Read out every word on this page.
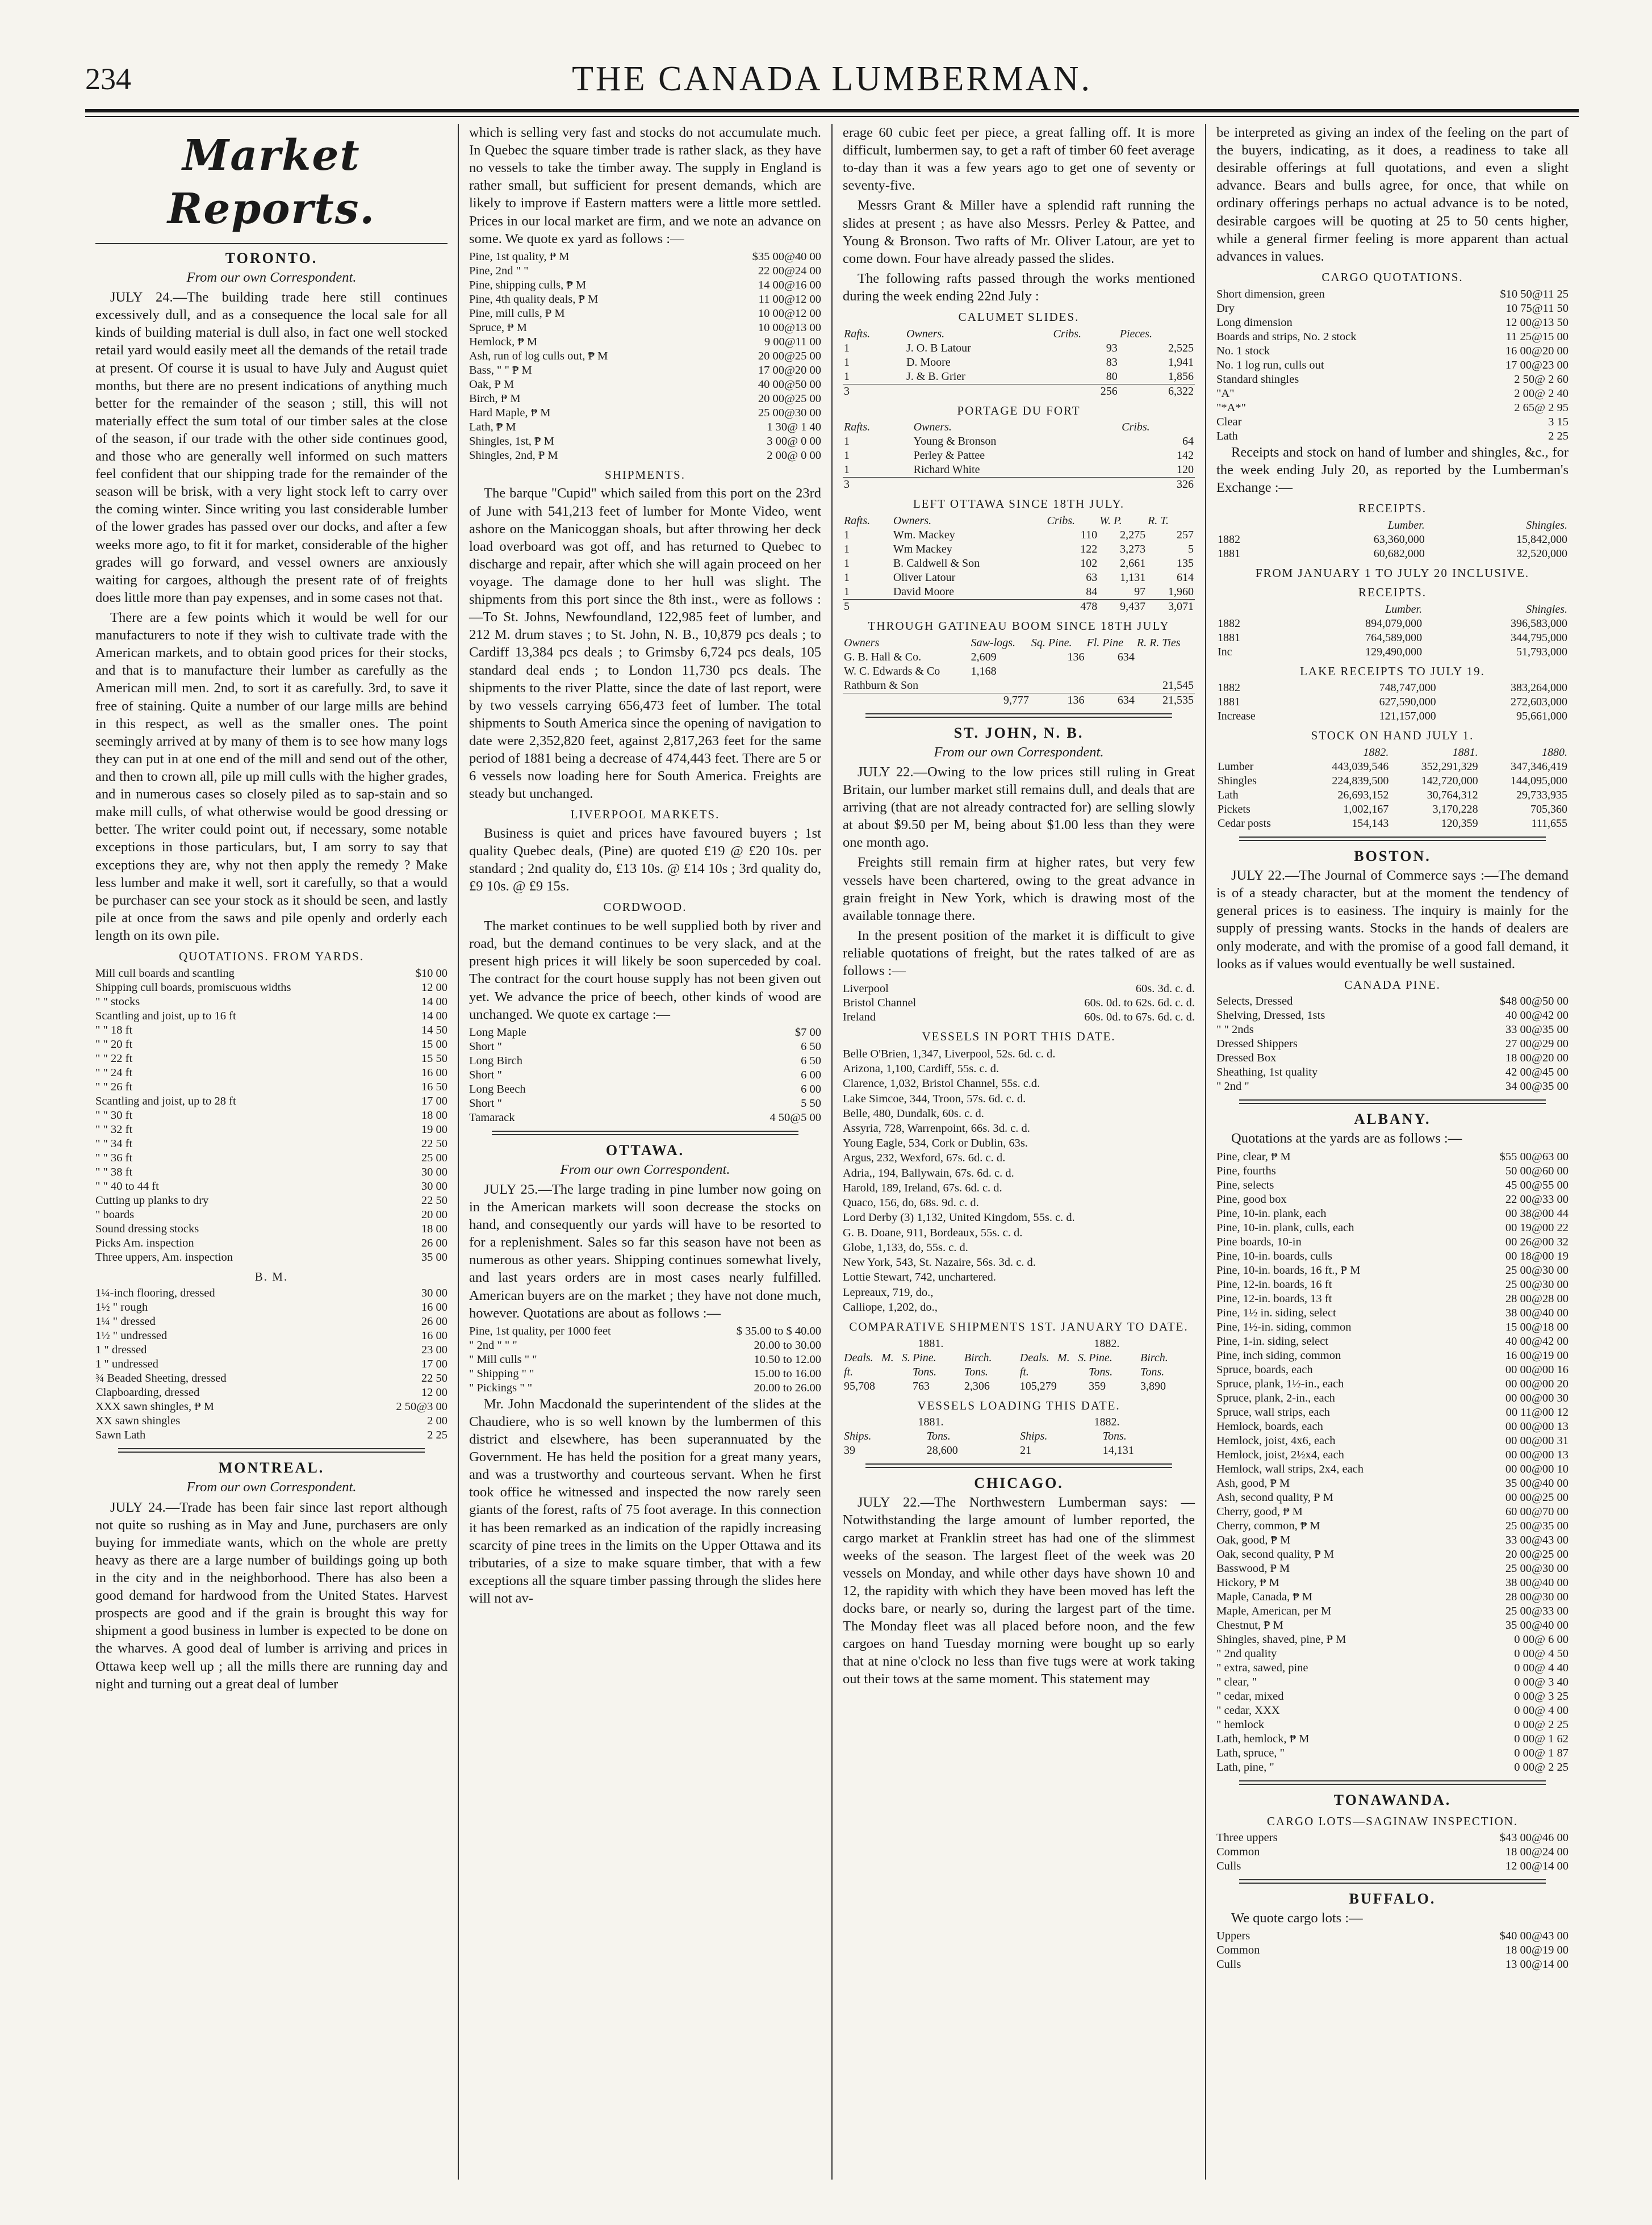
234	THE CANADA LUMBERMAN.
Market Reports.
TORONTO.
From our own Correspondent.

JULY 24.—The building trade here still continues excessively dull, and as a consequence the local sale for all kinds of building material is dull also, in fact one well stocked retail yard would easily meet all the demands of the retail trade at present. Of course it is usual to have July and August quiet months, but there are no present indications of anything much better for the remainder of the season ; still, this will not materially effect the sum total of our timber sales at the close of the season, if our trade with the other side continues good, and those who are generally well informed on such matters feel confident that our shipping trade for the remainder of the season will be brisk, with a very light stock left to carry over the coming winter. Since writing you last considerable lumber of the lower grades has passed over our docks, and after a few weeks more ago, to fit it for market, considerable of the higher grades will go forward, and vessel owners are anxiously waiting for cargoes, although the present rate of of freights does little more than pay expenses, and in some cases not that.

There are a few points which it would be well for our manufacturers to note if they wish to cultivate trade with the American markets, and to obtain good prices for their stocks, and that is to manufacture their lumber as carefully as the American mill men. 2nd, to sort it as carefully. 3rd, to save it free of staining. Quite a number of our large mills are behind in this respect, as well as the smaller ones. The point seemingly arrived at by many of them is to see how many logs they can put in at one end of the mill and send out of the other, and then to crown all, pile up mill culls with the higher grades, and in numerous cases so closely piled as to sap-stain and so make mill culls, of what otherwise would be good dressing or better. The writer could point out, if necessary, some notable exceptions in those particulars, but, I am sorry to say that exceptions they are, why not then apply the remedy ? Make less lumber and make it well, sort it carefully, so that a would be purchaser can see your stock as it should be seen, and lastly pile at once from the saws and pile openly and orderly each length on its own pile.

QUOTATIONS. FROM YARDS.
Mill cull boards and scantling	$10 00
Shipping cull boards, promiscuous widths	12 00
" " stocks	14 00
Scantling and joist, up to 16 ft	14 00
" " 18 ft	14 50
" " 20 ft	15 00
" " 22 ft	15 50
" " 24 ft	16 00
" " 26 ft	16 50
Scantling and joist, up to 28 ft	17 00
" " 30 ft	18 00
" " 32 ft	19 00
" " 34 ft	22 50
" " 36 ft	25 00
" " 38 ft	30 00
" " 40 to 44 ft	30 00
Cutting up planks to dry	22 50
" boards	20 00
Sound dressing stocks	18 00
Picks Am. inspection	26 00
Three uppers, Am. inspection	35 00
B. M.
1¼-inch flooring, dressed	30 00
1½ " rough	16 00
1¼ " dressed	26 00
1½ " undressed	16 00
1 " dressed	23 00
1 " undressed	17 00
¾ Beaded Sheeting, dressed	22 50
Clapboarding, dressed	12 00
XXX sawn shingles, ₱ M	2 50@3 00
XX sawn shingles	2 00
Sawn Lath	2 25
MONTREAL.
From our own Correspondent.

JULY 24.—Trade has been fair since last report although not quite so rushing as in May and June, purchasers are only buying for immediate wants, which on the whole are pretty heavy as there are a large number of buildings going up both in the city and in the neighborhood. There has also been a good demand for hardwood from the United States. Harvest prospects are good and if the grain is brought this way for shipment a good business in lumber is expected to be done on the wharves. A good deal of lumber is arriving and prices in Ottawa keep well up ; all the mills there are running day and night and turning out a great deal of lumber

which is selling very fast and stocks do not accumulate much. In Quebec the square timber trade is rather slack, as they have no vessels to take the timber away. The supply in England is rather small, but sufficient for present demands, which are likely to improve if Eastern matters were a little more settled. Prices in our local market are firm, and we note an advance on some. We quote ex yard as follows :—

Pine, 1st quality, ₱ M	$35 00@40 00
Pine, 2nd " "	22 00@24 00
Pine, shipping culls, ₱ M	14 00@16 00
Pine, 4th quality deals, ₱ M	11 00@12 00
Pine, mill culls, ₱ M	10 00@12 00
Spruce, ₱ M	10 00@13 00
Hemlock, ₱ M	9 00@11 00
Ash, run of log culls out, ₱ M	20 00@25 00
Bass, " " ₱ M	17 00@20 00
Oak, ₱ M	40 00@50 00
Birch, ₱ M	20 00@25 00
Hard Maple, ₱ M	25 00@30 00
Lath, ₱ M	1 30@ 1 40
Shingles, 1st, ₱ M	3 00@ 0 00
Shingles, 2nd, ₱ M	2 00@ 0 00
SHIPMENTS.

The barque "Cupid" which sailed from this port on the 23rd of June with 541,213 feet of lumber for Monte Video, went ashore on the Manicoggan shoals, but after throwing her deck load overboard was got off, and has returned to Quebec to discharge and repair, after which she will again proceed on her voyage. The damage done to her hull was slight. The shipments from this port since the 8th inst., were as follows :—To St. Johns, Newfoundland, 122,985 feet of lumber, and 212 M. drum staves ; to St. John, N. B., 10,879 pcs deals ; to Cardiff 13,384 pcs deals ; to Grimsby 6,724 pcs deals, 105 standard deal ends ; to London 11,730 pcs deals. The shipments to the river Platte, since the date of last report, were by two vessels carrying 656,473 feet of lumber. The total shipments to South America since the opening of navigation to date were 2,352,820 feet, against 2,817,263 feet for the same period of 1881 being a decrease of 474,443 feet. There are 5 or 6 vessels now loading here for South America. Freights are steady but unchanged.

LIVERPOOL MARKETS.

Business is quiet and prices have favoured buyers ; 1st quality Quebec deals, (Pine) are quoted £19 @ £20 10s. per standard ; 2nd quality do, £13 10s. @ £14 10s ; 3rd quality do, £9 10s. @ £9 15s.

CORDWOOD.

The market continues to be well supplied both by river and road, but the demand continues to be very slack, and at the present high prices it will likely be soon superceded by coal. The contract for the court house supply has not been given out yet. We advance the price of beech, other kinds of wood are unchanged. We quote ex cartage :—

Long Maple	$7 00
Short "	6 50
Long Birch	6 50
Short "	6 00
Long Beech	6 00
Short "	5 50
Tamarack	4 50@5 00
OTTAWA.
From our own Correspondent.

JULY 25.—The large trading in pine lumber now going on in the American markets will soon decrease the stocks on hand, and consequently our yards will have to be resorted to for a replenishment. Sales so far this season have not been as numerous as other years. Shipping continues somewhat lively, and last years orders are in most cases nearly fulfilled. American buyers are on the market ; they have not done much, however. Quotations are about as follows :—

Pine, 1st quality, per 1000 feet	$ 35.00 to $ 40.00
" 2nd " " "	20.00 to 30.00
" Mill culls " "	10.50 to 12.00
" Shipping " "	15.00 to 16.00
" Pickings " "	20.00 to 26.00

Mr. John Macdonald the superintendent of the slides at the Chaudiere, who is so well known by the lumbermen of this district and elsewhere, has been superannuated by the Government. He has held the position for a great many years, and was a trustworthy and courteous servant. When he first took office he witnessed and inspected the now rarely seen giants of the forest, rafts of 75 foot average. In this connection it has been remarked as an indication of the rapidly increasing scarcity of pine trees in the limits on the Upper Ottawa and its tributaries, of a size to make square timber, that with a few exceptions all the square timber passing through the slides here will not av-

erage 60 cubic feet per piece, a great falling off. It is more difficult, lumbermen say, to get a raft of timber 60 feet average to-day than it was a few years ago to get one of seventy or seventy-five.

Messrs Grant & Miller have a splendid raft running the slides at present ; as have also Messrs. Perley & Pattee, and Young & Bronson. Two rafts of Mr. Oliver Latour, are yet to come down. Four have already passed the slides.

The following rafts passed through the works mentioned during the week ending 22nd July :

CALUMET SLIDES.
Rafts.	Owners.	Cribs.	Pieces.
1	J. O. B Latour	93	2,525
1	D. Moore	83	1,941
1	J. & B. Grier	80	1,856
3		256	6,322
PORTAGE DU FORT
Rafts.	Owners.	Cribs.
1	Young & Bronson	64
1	Perley & Pattee	142
1	Richard White	120
3		326
LEFT OTTAWA SINCE 18TH JULY.
Rafts.	Owners.	Cribs.	W. P.	R. T.
1	Wm. Mackey	110	2,275	257
1	Wm Mackey	122	3,273	5
1	B. Caldwell & Son	102	2,661	135
1	Oliver Latour	63	1,131	614
1	David Moore	84	97	1,960
5		478	9,437	3,071
THROUGH GATINEAU BOOM SINCE 18TH JULY
Owners	Saw-logs.	Sq. Pine.	Fl. Pine	R. R. Ties
G. B. Hall & Co.	2,609	136	634	
W. C. Edwards & Co	1,168			
Rathburn & Son				21,545
	9,777	136	634	21,535
ST. JOHN, N. B.
From our own Correspondent.

JULY 22.—Owing to the low prices still ruling in Great Britain, our lumber market still remains dull, and deals that are arriving (that are not already contracted for) are selling slowly at about $9.50 per M, being about $1.00 less than they were one month ago.

Freights still remain firm at higher rates, but very few vessels have been chartered, owing to the great advance in grain freight in New York, which is drawing most of the available tonnage there.

In the present position of the market it is difficult to give reliable quotations of freight, but the rates talked of are as follows :—

Liverpool	60s. 3d. c. d.
Bristol Channel	60s. 0d. to 62s. 6d. c. d.
Ireland	60s. 0d. to 67s. 6d. c. d.
VESSELS IN PORT THIS DATE.

Belle O'Brien, 1,347, Liverpool, 52s. 6d. c. d.

Arizona, 1,100, Cardiff, 55s. c. d.

Clarence, 1,032, Bristol Channel, 55s. c.d.

Lake Simcoe, 344, Troon, 57s. 6d. c. d.

Belle, 480, Dundalk, 60s. c. d.

Assyria, 728, Warrenpoint, 66s. 3d. c. d.

Young Eagle, 534, Cork or Dublin, 63s.

Argus, 232, Wexford, 67s. 6d. c. d.

Adria,, 194, Ballywain, 67s. 6d. c. d.

Harold, 189, Ireland, 67s. 6d. c. d.

Quaco, 156, do, 68s. 9d. c. d.

Lord Derby (3) 1,132, United Kingdom, 55s. c. d.

G. B. Doane, 911, Bordeaux, 55s. c. d.

Globe, 1,133, do, 55s. c. d.

New York, 543, St. Nazaire, 56s. 3d. c. d.

Lottie Stewart, 742, unchartered.

Lepreaux, 719, do.,

Calliope, 1,202, do.,

COMPARATIVE SHIPMENTS 1ST. JANUARY TO DATE.
1881.			1882.		
Deals. M. S. ft.	Pine. Tons.	Birch. Tons.	Deals. M. S. ft.	Pine. Tons.	Birch. Tons.
95,708	763	2,306	105,279	359	3,890
VESSELS LOADING THIS DATE.
1881.		1882.	
Ships.	Tons.	Ships.	Tons.
39	28,600	21	14,131
CHICAGO.

JULY 22.—The Northwestern Lumberman says: —Notwithstanding the large amount of lumber reported, the cargo market at Franklin street has had one of the slimmest weeks of the season. The largest fleet of the week was 20 vessels on Monday, and while other days have shown 10 and 12, the rapidity with which they have been moved has left the docks bare, or nearly so, during the largest part of the time. The Monday fleet was all placed before noon, and the few cargoes on hand Tuesday morning were bought up so early that at nine o'clock no less than five tugs were at work taking out their tows at the same moment. This statement may

be interpreted as giving an index of the feeling on the part of the buyers, indicating, as it does, a readiness to take all desirable offerings at full quotations, and even a slight advance. Bears and bulls agree, for once, that while on ordinary offerings perhaps no actual advance is to be noted, desirable cargoes will be quoting at 25 to 50 cents higher, while a general firmer feeling is more apparent than actual advances in values.

CARGO QUOTATIONS.
Short dimension, green	$10 50@11 25
Dry	10 75@11 50
Long dimension	12 00@13 50
Boards and strips, No. 2 stock	11 25@15 00
No. 1 stock	16 00@20 00
No. 1 log run, culls out	17 00@23 00
Standard shingles	2 50@ 2 60
"A"	2 00@ 2 40
"*A*"	2 65@ 2 95
Clear	3 15
Lath	2 25

Receipts and stock on hand of lumber and shingles, &c., for the week ending July 20, as reported by the Lumberman's Exchange :—

RECEIPTS.
	Lumber.	Shingles.
1882	63,360,000	15,842,000
1881	60,682,000	32,520,000
FROM JANUARY 1 TO JULY 20 INCLUSIVE.
RECEIPTS.
	Lumber.	Shingles.
1882	894,079,000	396,583,000
1881	764,589,000	344,795,000
Inc	129,490,000	51,793,000
LAKE RECEIPTS TO JULY 19.
1882	748,747,000	383,264,000
1881	627,590,000	272,603,000
Increase	121,157,000	95,661,000
STOCK ON HAND JULY 1.
	1882.	1881.	1880.
Lumber	443,039,546	352,291,329	347,346,419
Shingles	224,839,500	142,720,000	144,095,000
Lath	26,693,152	30,764,312	29,733,935
Pickets	1,002,167	3,170,228	705,360
Cedar posts	154,143	120,359	111,655
BOSTON.

JULY 22.—The Journal of Commerce says :—The demand is of a steady character, but at the moment the tendency of general prices is to easiness. The inquiry is mainly for the supply of pressing wants. Stocks in the hands of dealers are only moderate, and with the promise of a good fall demand, it looks as if values would eventually be well sustained.

CANADA PINE.
Selects, Dressed	$48 00@50 00
Shelving, Dressed, 1sts	40 00@42 00
" " 2nds	33 00@35 00
Dressed Shippers	27 00@29 00
Dressed Box	18 00@20 00
Sheathing, 1st quality	42 00@45 00
" 2nd "	34 00@35 00
ALBANY.

Quotations at the yards are as follows :—

Pine, clear, ₱ M	$55 00@63 00
Pine, fourths	50 00@60 00
Pine, selects	45 00@55 00
Pine, good box	22 00@33 00
Pine, 10-in. plank, each	00 38@00 44
Pine, 10-in. plank, culls, each	00 19@00 22
Pine boards, 10-in	00 26@00 32
Pine, 10-in. boards, culls	00 18@00 19
Pine, 10-in. boards, 16 ft., ₱ M	25 00@30 00
Pine, 12-in. boards, 16 ft	25 00@30 00
Pine, 12-in. boards, 13 ft	28 00@28 00
Pine, 1½ in. siding, select	38 00@40 00
Pine, 1½-in. siding, common	15 00@18 00
Pine, 1-in. siding, select	40 00@42 00
Pine, inch siding, common	16 00@19 00
Spruce, boards, each	00 00@00 16
Spruce, plank, 1½-in., each	00 00@00 20
Spruce, plank, 2-in., each	00 00@00 30
Spruce, wall strips, each	00 11@00 12
Hemlock, boards, each	00 00@00 13
Hemlock, joist, 4x6, each	00 00@00 31
Hemlock, joist, 2½x4, each	00 00@00 13
Hemlock, wall strips, 2x4, each	00 00@00 10
Ash, good, ₱ M	35 00@40 00
Ash, second quality, ₱ M	00 00@25 00
Cherry, good, ₱ M	60 00@70 00
Cherry, common, ₱ M	25 00@35 00
Oak, good, ₱ M	33 00@43 00
Oak, second quality, ₱ M	20 00@25 00
Basswood, ₱ M	25 00@30 00
Hickory, ₱ M	38 00@40 00
Maple, Canada, ₱ M	28 00@30 00
Maple, American, per M	25 00@33 00
Chestnut, ₱ M	35 00@40 00
Shingles, shaved, pine, ₱ M	0 00@ 6 00
" 2nd quality	0 00@ 4 50
" extra, sawed, pine	0 00@ 4 40
" clear, "	0 00@ 3 40
" cedar, mixed	0 00@ 3 25
" cedar, XXX	0 00@ 4 00
" hemlock	0 00@ 2 25
Lath, hemlock, ₱ M	0 00@ 1 62
Lath, spruce, "	0 00@ 1 87
Lath, pine, "	0 00@ 2 25
TONAWANDA.
CARGO LOTS—SAGINAW INSPECTION.
Three uppers	$43 00@46 00
Common	18 00@24 00
Culls	12 00@14 00
BUFFALO.

We quote cargo lots :—

Uppers	$40 00@43 00
Common	18 00@19 00
Culls	13 00@14 00
